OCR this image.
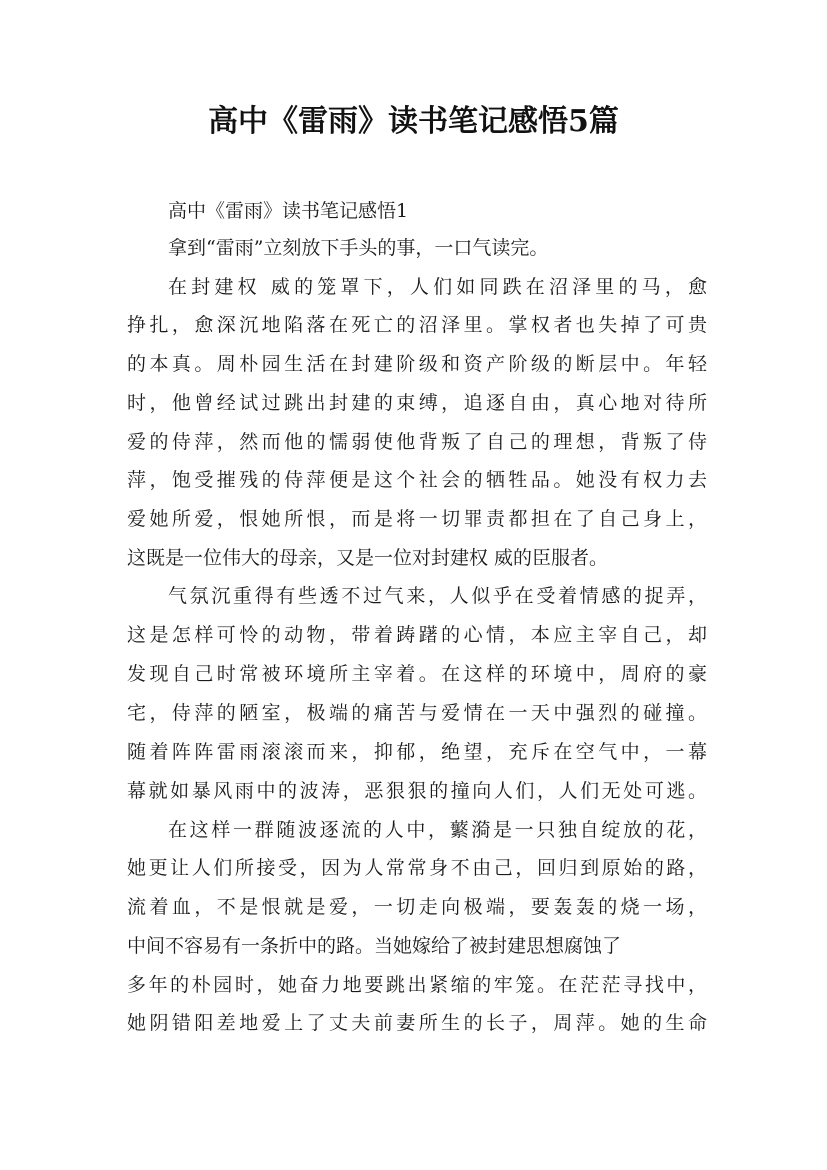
高中《雷雨》读书笔记感悟5篇
高中《雷雨》读书笔记感悟1
拿到“雷雨”立刻放下手头的事，一口气读完。
在封建权 威的笼罩下，人们如同跌在沼泽里的马，愈
挣扎，愈深沉地陷落在死亡的沼泽里。掌权者也失掉了可贵
的本真。周朴园生活在封建阶级和资产阶级的断层中。年轻
时，他曾经试过跳出封建的束缚，追逐自由，真心地对待所
爱的侍萍，然而他的懦弱使他背叛了自己的理想，背叛了侍
萍，饱受摧残的侍萍便是这个社会的牺牲品。她没有权力去
爱她所爱，恨她所恨，而是将一切罪责都担在了自己身上，
这既是一位伟大的母亲，又是一位对封建权 威的臣服者。
气氛沉重得有些透不过气来，人似乎在受着情感的捉弄，
这是怎样可怜的动物，带着踌躇的心情，本应主宰自己，却
发现自己时常被环境所主宰着。在这样的环境中，周府的豪
宅，侍萍的陋室，极端的痛苦与爱情在一天中强烈的碰撞。
随着阵阵雷雨滚滚而来，抑郁，绝望，充斥在空气中，一幕
幕就如暴风雨中的波涛，恶狠狠的撞向人们，人们无处可逃。
在这样一群随波逐流的人中，蘩漪是一只独自绽放的花，
她更让人们所接受，因为人常常身不由己，回归到原始的路，
流着血，不是恨就是爱，一切走向极端，要轰轰的烧一场，
中间不容易有一条折中的路。当她嫁给了被封建思想腐蚀了
多年的朴园时，她奋力地要跳出紧缩的牢笼。在茫茫寻找中，
她阴错阳差地爱上了丈夫前妻所生的长子，周萍。她的生命
